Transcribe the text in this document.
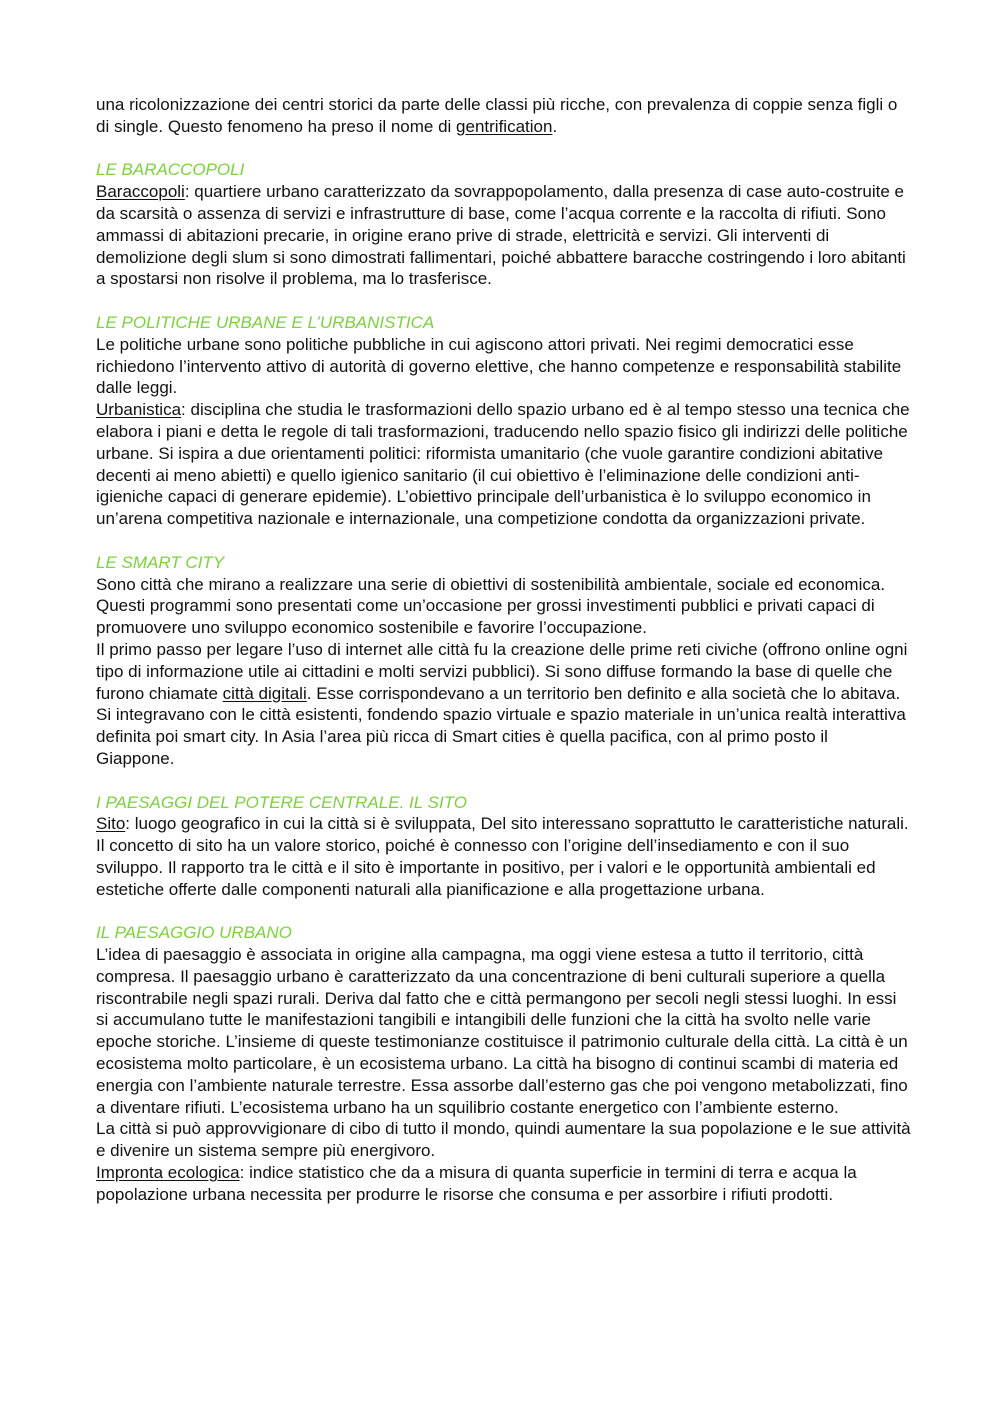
una ricolonizzazione dei centri storici da parte delle classi più ricche, con prevalenza di coppie senza figli o di single. Questo fenomeno ha preso il nome di gentrification.

LE BARACCOPOLI

Baraccopoli: quartiere urbano caratterizzato da sovrappopolamento, dalla presenza di case auto-costruite e da scarsità o assenza di servizi e infrastrutture di base, come l’acqua corrente e la raccolta di rifiuti. Sono ammassi di abitazioni precarie, in origine erano prive di strade, elettricità e servizi. Gli interventi di demolizione degli slum si sono dimostrati fallimentari, poiché abbattere baracche costringendo i loro abitanti a spostarsi non risolve il problema, ma lo trasferisce.

LE POLITICHE URBANE E L’URBANISTICA

Le politiche urbane sono politiche pubbliche in cui agiscono attori privati. Nei regimi democratici esse richiedono l’intervento attivo di autorità di governo elettive, che hanno competenze e responsabilità stabilite dalle leggi.

Urbanistica: disciplina che studia le trasformazioni dello spazio urbano ed è al tempo stesso una tecnica che elabora i piani e detta le regole di tali trasformazioni, traducendo nello spazio fisico gli indirizzi delle politiche urbane. Si ispira a due orientamenti politici: riformista umanitario (che vuole garantire condizioni abitative decenti ai meno abietti) e quello igienico sanitario (il cui obiettivo è l’eliminazione delle condizioni anti-igieniche capaci di generare epidemie). L’obiettivo principale dell’urbanistica è lo sviluppo economico in un’arena competitiva nazionale e internazionale, una competizione condotta da organizzazioni private.

LE SMART CITY

Sono città che mirano a realizzare una serie di obiettivi di sostenibilità ambientale, sociale ed economica. Questi programmi sono presentati come un’occasione per grossi investimenti pubblici e privati capaci di promuovere uno sviluppo economico sostenibile e favorire l’occupazione.

Il primo passo per legare l’uso di internet alle città fu la creazione delle prime reti civiche (offrono online ogni tipo di informazione utile ai cittadini e molti servizi pubblici). Si sono diffuse formando la base di quelle che furono chiamate città digitali. Esse corrispondevano a un territorio ben definito e alla società che lo abitava. Si integravano con le città esistenti, fondendo spazio virtuale e spazio materiale in un’unica realtà interattiva definita poi smart city. In Asia l’area più ricca di Smart cities è quella pacifica, con al primo posto il Giappone.

I PAESAGGI DEL POTERE CENTRALE. IL SITO

Sito: luogo geografico in cui la città si è sviluppata, Del sito interessano soprattutto le caratteristiche naturali. Il concetto di sito ha un valore storico, poiché è connesso con l’origine dell’insediamento e con il suo sviluppo. Il rapporto tra le città e il sito è importante in positivo, per i valori e le opportunità ambientali ed estetiche offerte dalle componenti naturali alla pianificazione e alla progettazione urbana.

IL PAESAGGIO URBANO

L’idea di paesaggio è associata in origine alla campagna, ma oggi viene estesa a tutto il territorio, città compresa. Il paesaggio urbano è caratterizzato da una concentrazione di beni culturali superiore a quella riscontrabile negli spazi rurali. Deriva dal fatto che e città permangono per secoli negli stessi luoghi. In essi si accumulano tutte le manifestazioni tangibili e intangibili delle funzioni che la città ha svolto nelle varie epoche storiche. L’insieme di queste testimonianze costituisce il patrimonio culturale della città. La città è un ecosistema molto particolare, è un ecosistema urbano. La città ha bisogno di continui scambi di materia ed energia con l’ambiente naturale terrestre. Essa assorbe dall’esterno gas che poi vengono metabolizzati, fino a diventare rifiuti. L’ecosistema urbano ha un squilibrio costante energetico con l’ambiente esterno.

La città si può approvvigionare di cibo di tutto il mondo, quindi aumentare la sua popolazione e le sue attività e divenire un sistema sempre più energivoro.

Impronta ecologica: indice statistico che da a misura di quanta superficie in termini di terra e acqua la popolazione urbana necessita per produrre le risorse che consuma e per assorbire i rifiuti prodotti.
